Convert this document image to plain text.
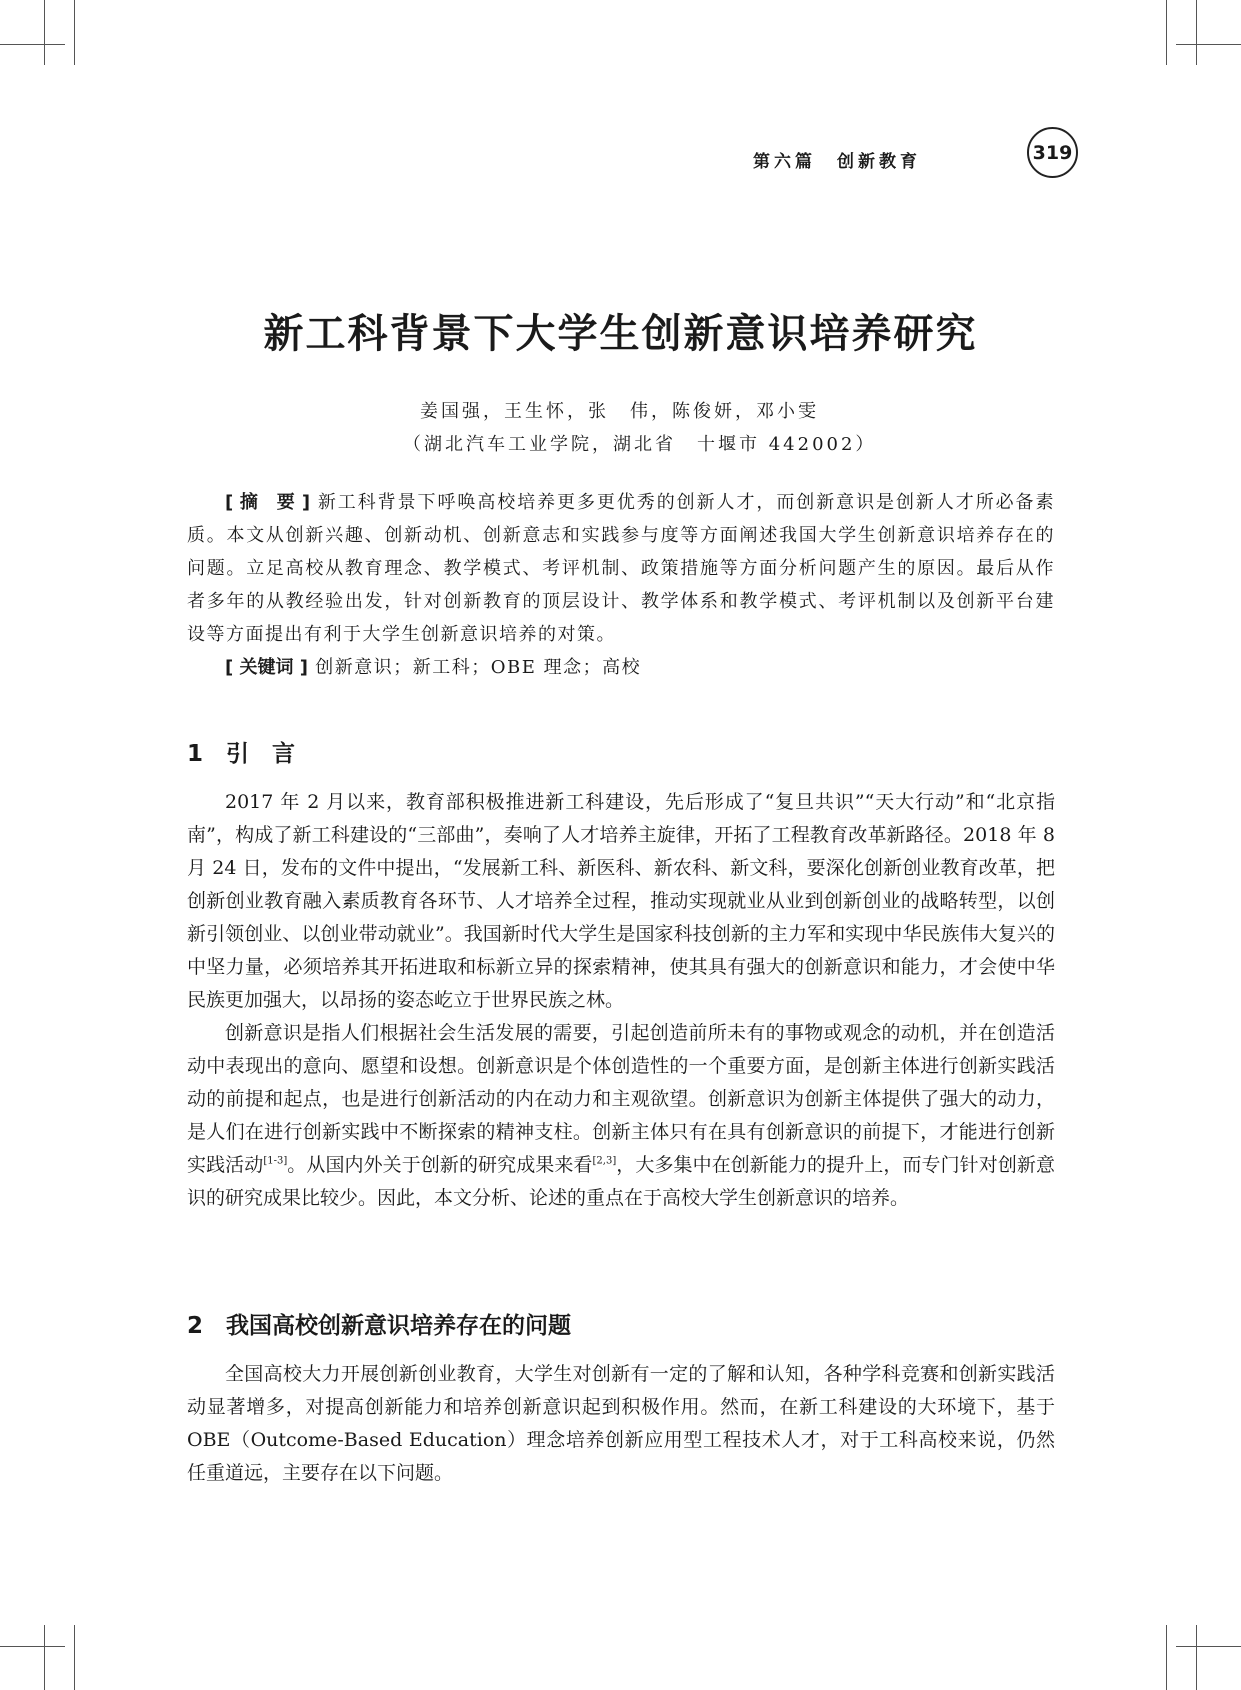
第六篇　创新教育	319
新工科背景下大学生创新意识培养研究
姜国强，王生怀，张　伟，陈俊妍，邓小雯
（湖北汽车工业学院，湖北省　十堰市 442002）

[ 摘　要 ] 新工科背景下呼唤高校培养更多更优秀的创新人才，而创新意识是创新人才所必备素质。本文从创新兴趣、创新动机、创新意志和实践参与度等方面阐述我国大学生创新意识培养存在的问题。立足高校从教育理念、教学模式、考评机制、政策措施等方面分析问题产生的原因。最后从作者多年的从教经验出发，针对创新教育的顶层设计、教学体系和教学模式、考评机制以及创新平台建设等方面提出有利于大学生创新意识培养的对策。

[ 关键词 ] 创新意识；新工科；OBE 理念；高校

1　引　言

2017 年 2 月以来，教育部积极推进新工科建设，先后形成了“复旦共识”“天大行动”和“北京指南”，构成了新工科建设的“三部曲”，奏响了人才培养主旋律，开拓了工程教育改革新路径。2018 年 8 月 24 日，发布的文件中提出，“发展新工科、新医科、新农科、新文科，要深化创新创业教育改革，把创新创业教育融入素质教育各环节、人才培养全过程，推动实现就业从业到创新创业的战略转型，以创新引领创业、以创业带动就业”。我国新时代大学生是国家科技创新的主力军和实现中华民族伟大复兴的中坚力量，必须培养其开拓进取和标新立异的探索精神，使其具有强大的创新意识和能力，才会使中华民族更加强大，以昂扬的姿态屹立于世界民族之林。

创新意识是指人们根据社会生活发展的需要，引起创造前所未有的事物或观念的动机，并在创造活动中表现出的意向、愿望和设想。创新意识是个体创造性的一个重要方面，是创新主体进行创新实践活动的前提和起点，也是进行创新活动的内在动力和主观欲望。创新意识为创新主体提供了强大的动力，是人们在进行创新实践中不断探索的精神支柱。创新主体只有在具有创新意识的前提下，才能进行创新实践活动[1-3]。从国内外关于创新的研究成果来看[2,3]，大多集中在创新能力的提升上，而专门针对创新意识的研究成果比较少。因此，本文分析、论述的重点在于高校大学生创新意识的培养。

2　我国高校创新意识培养存在的问题

全国高校大力开展创新创业教育，大学生对创新有一定的了解和认知，各种学科竞赛和创新实践活动显著增多，对提高创新能力和培养创新意识起到积极作用。然而，在新工科建设的大环境下，基于 OBE（Outcome-Based Education）理念培养创新应用型工程技术人才，对于工科高校来说，仍然任重道远，主要存在以下问题。
